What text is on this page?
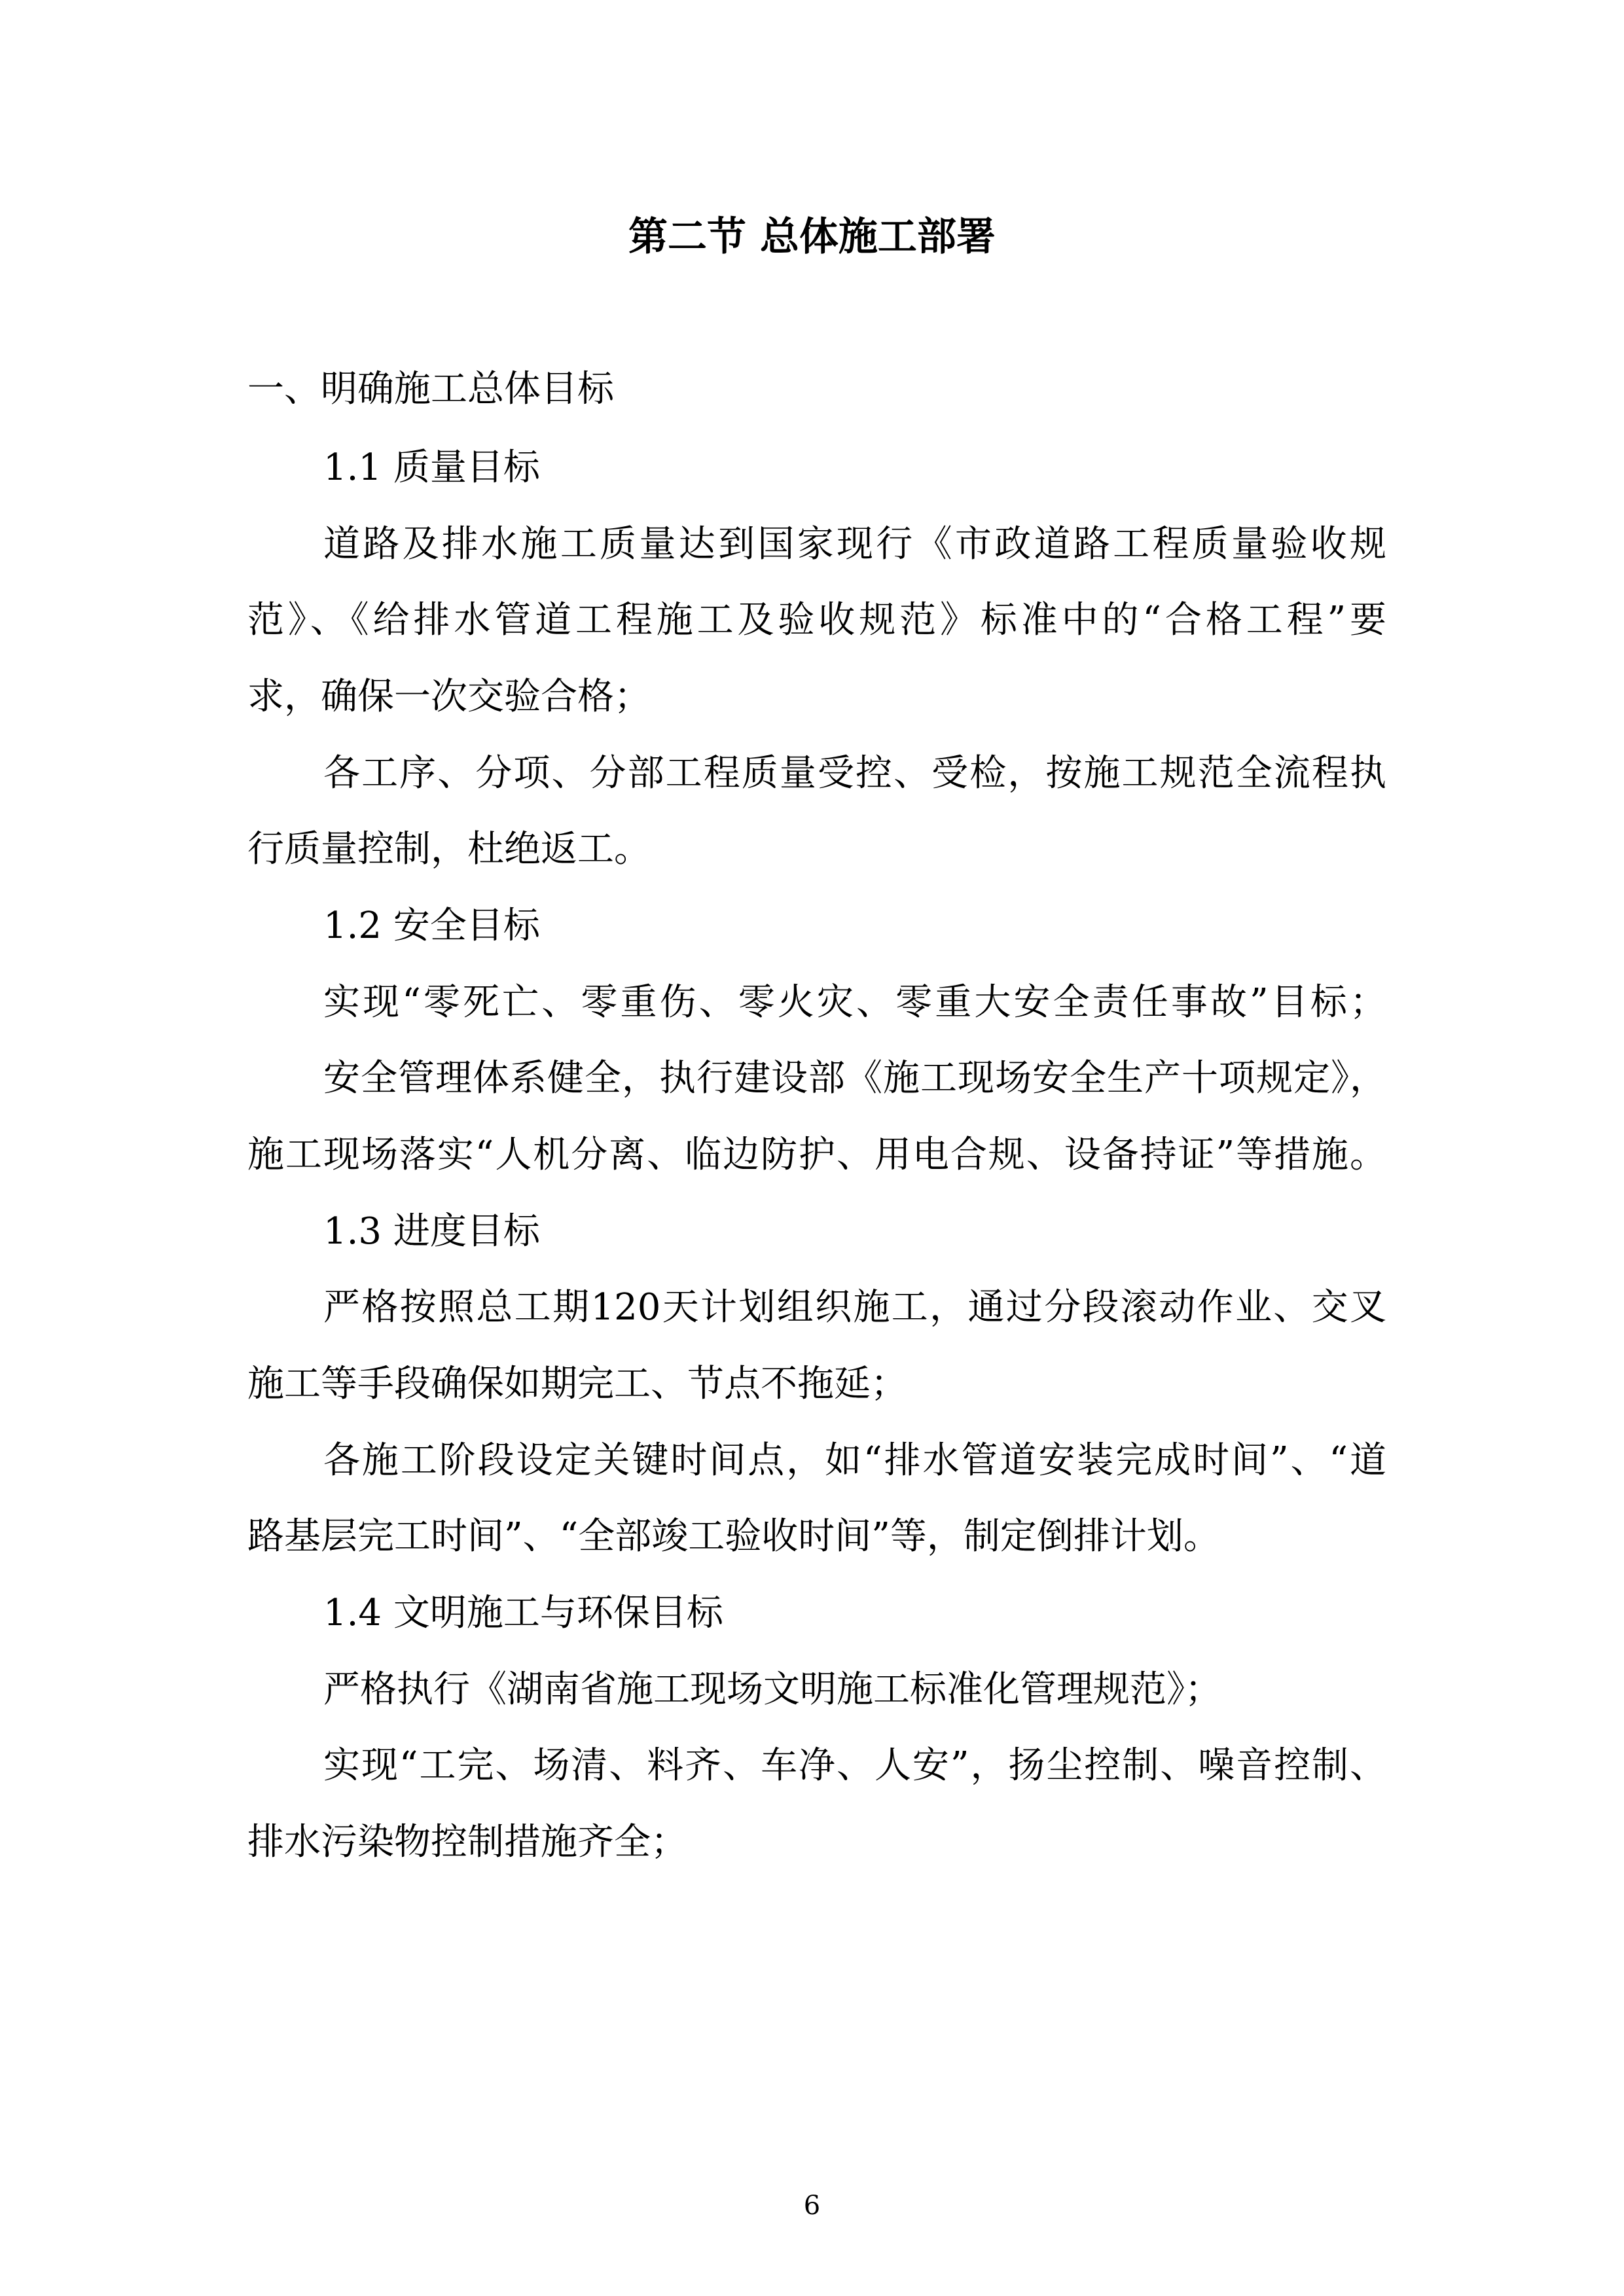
第二节 总体施工部署
一、明确施工总体目标
1.1 质量目标
道路及排水施工质量达到国家现行《市政道路工程质量验收规
范》、《给排水管道工程施工及验收规范》标准中的“合格工程”要
求，确保一次交验合格；
各工序、分项、分部工程质量受控、受检，按施工规范全流程执
行质量控制，杜绝返工。
1.2 安全目标
实现“零死亡、零重伤、零火灾、零重大安全责任事故”目标；
安全管理体系健全，执行建设部《施工现场安全生产十项规定》，
施工现场落实“人机分离、临边防护、用电合规、设备持证”等措施。
1.3 进度目标
严格按照总工期120天计划组织施工，通过分段滚动作业、交叉
施工等手段确保如期完工、节点不拖延；
各施工阶段设定关键时间点，如“排水管道安装完成时间”、“道
路基层完工时间”、“全部竣工验收时间”等，制定倒排计划。
1.4 文明施工与环保目标
严格执行《湖南省施工现场文明施工标准化管理规范》；
实现“工完、场清、料齐、车净、人安”，扬尘控制、噪音控制、
排水污染物控制措施齐全；
6
